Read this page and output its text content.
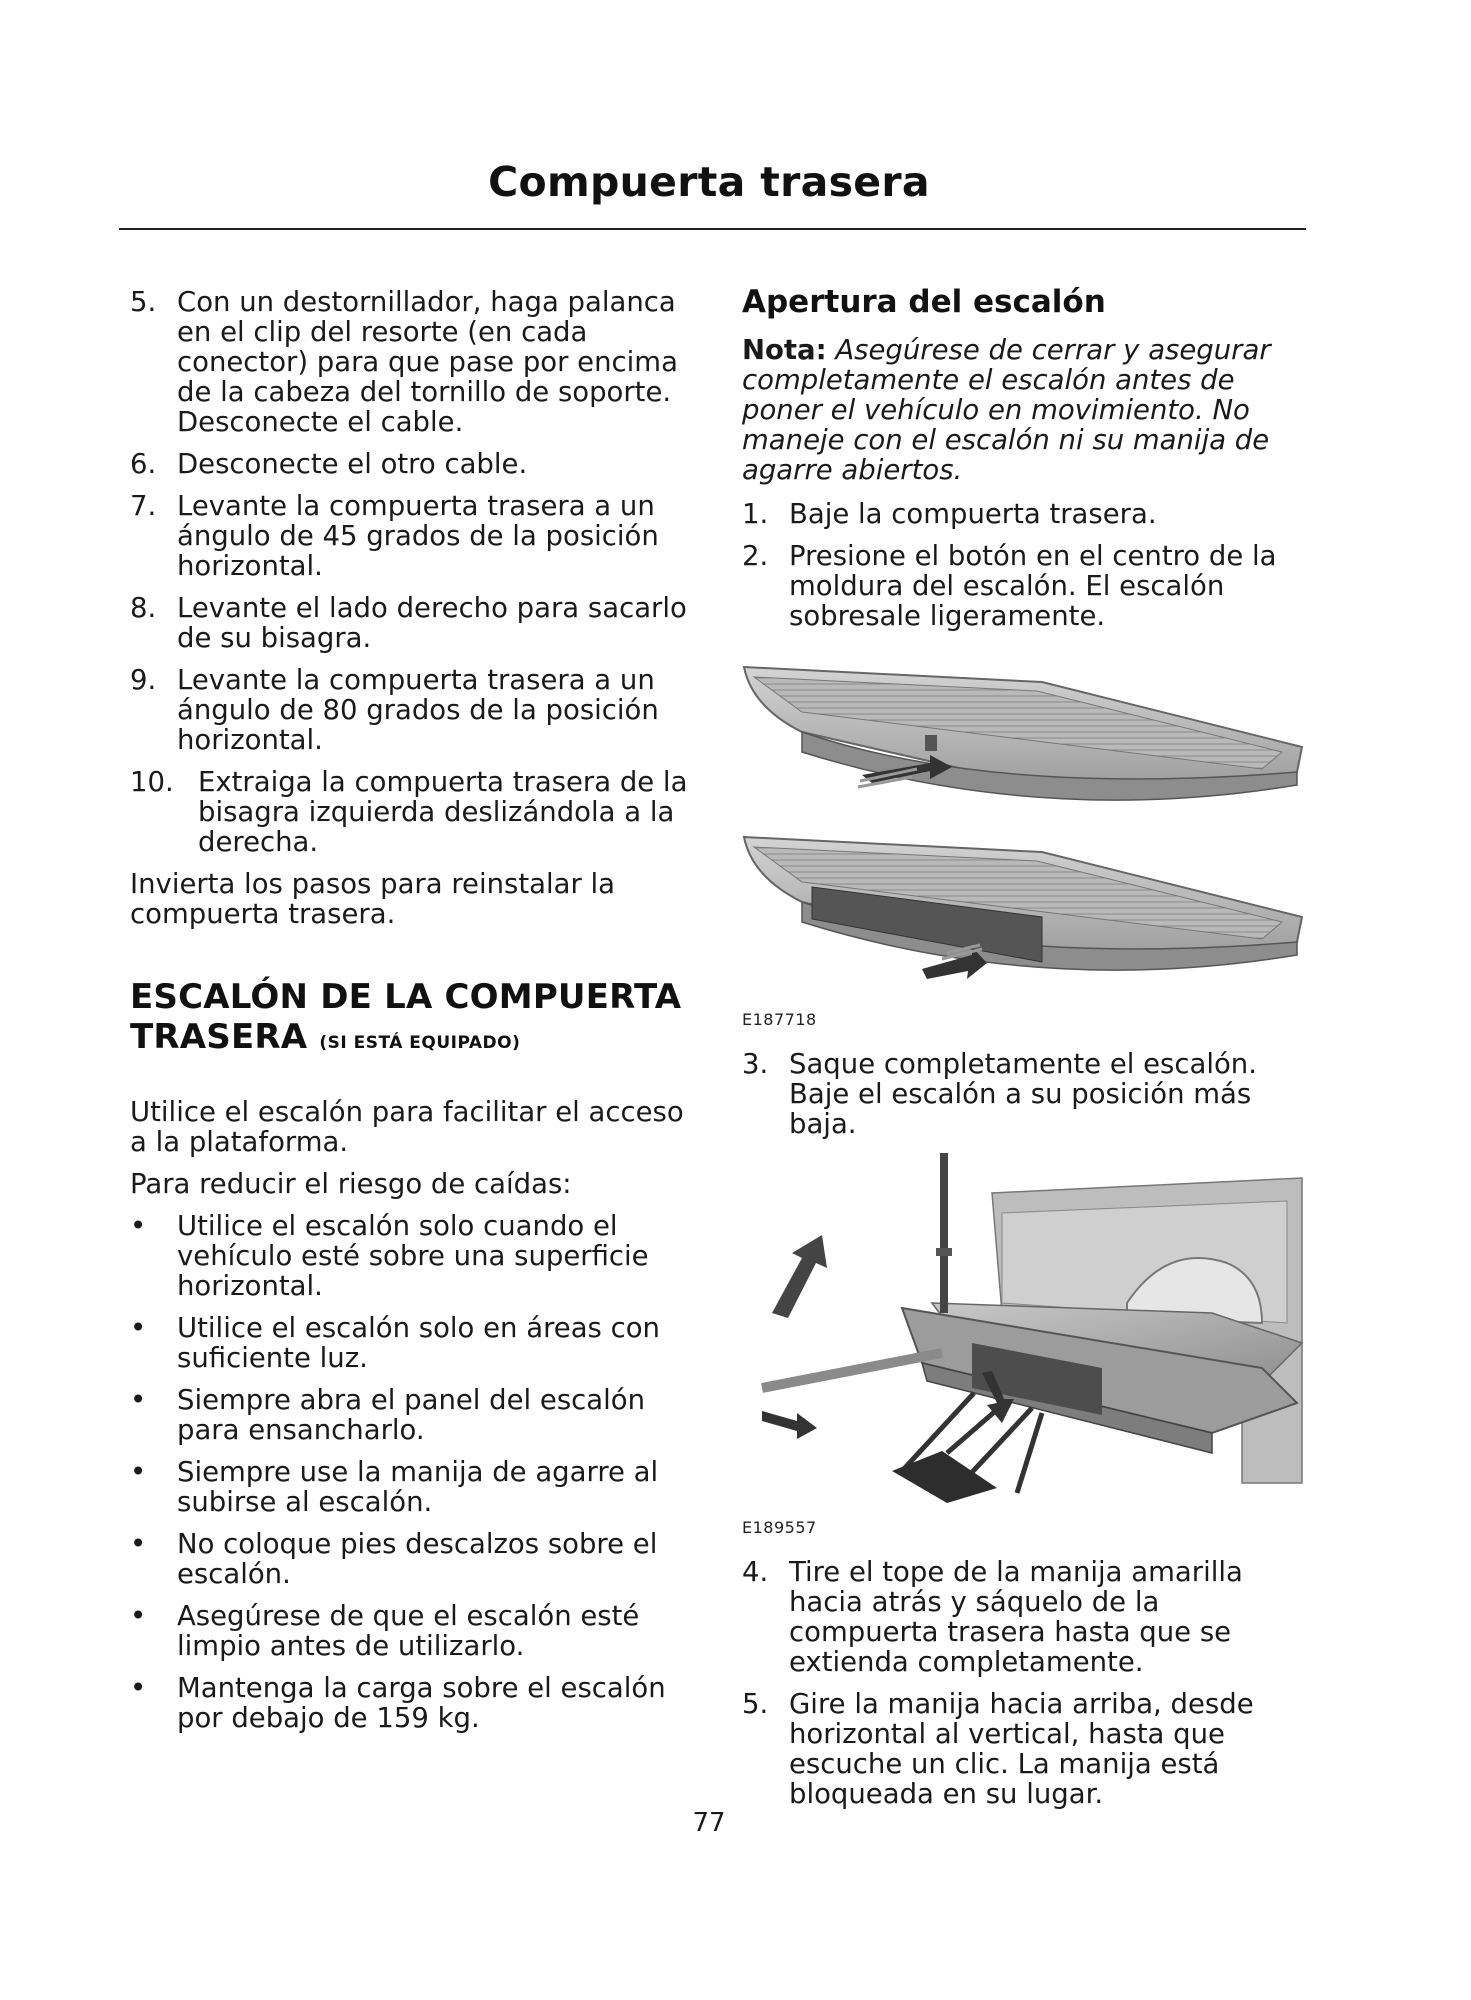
Compuerta trasera
5. Con un destornillador, haga palanca en el clip del resorte (en cada conector) para que pase por encima de la cabeza del tornillo de soporte. Desconecte el cable.
6. Desconecte el otro cable.
7. Levante la compuerta trasera a un ángulo de 45 grados de la posición horizontal.
8. Levante el lado derecho para sacarlo de su bisagra.
9. Levante la compuerta trasera a un ángulo de 80 grados de la posición horizontal.
10. Extraiga la compuerta trasera de la bisagra izquierda deslizándola a la derecha.

Invierta los pasos para reinstalar la compuerta trasera.

ESCALÓN DE LA COMPUERTA TRASERA (SI ESTÁ EQUIPADO)

Utilice el escalón para facilitar el acceso a la plataforma.

Para reducir el riesgo de caídas:

• Utilice el escalón solo cuando el vehículo esté sobre una superficie horizontal.
• Utilice el escalón solo en áreas con suficiente luz.
• Siempre abra el panel del escalón para ensancharlo.
• Siempre use la manija de agarre al subirse al escalón.
• No coloque pies descalzos sobre el escalón.
• Asegúrese de que el escalón esté limpio antes de utilizarlo.
• Mantenga la carga sobre el escalón por debajo de 159 kg.
Apertura del escalón

Nota: Asegúrese de cerrar y asegurar completamente el escalón antes de poner el vehículo en movimiento. No maneje con el escalón ni su manija de agarre abiertos.

1. Baje la compuerta trasera.
2. Presione el botón en el centro de la moldura del escalón. El escalón sobresale ligeramente.
E187718
3. Saque completamente el escalón. Baje el escalón a su posición más baja.
E189557
4. Tire el tope de la manija amarilla hacia atrás y sáquelo de la compuerta trasera hasta que se extienda completamente.
5. Gire la manija hacia arriba, desde horizontal al vertical, hasta que escuche un clic. La manija está bloqueada en su lugar.
77
